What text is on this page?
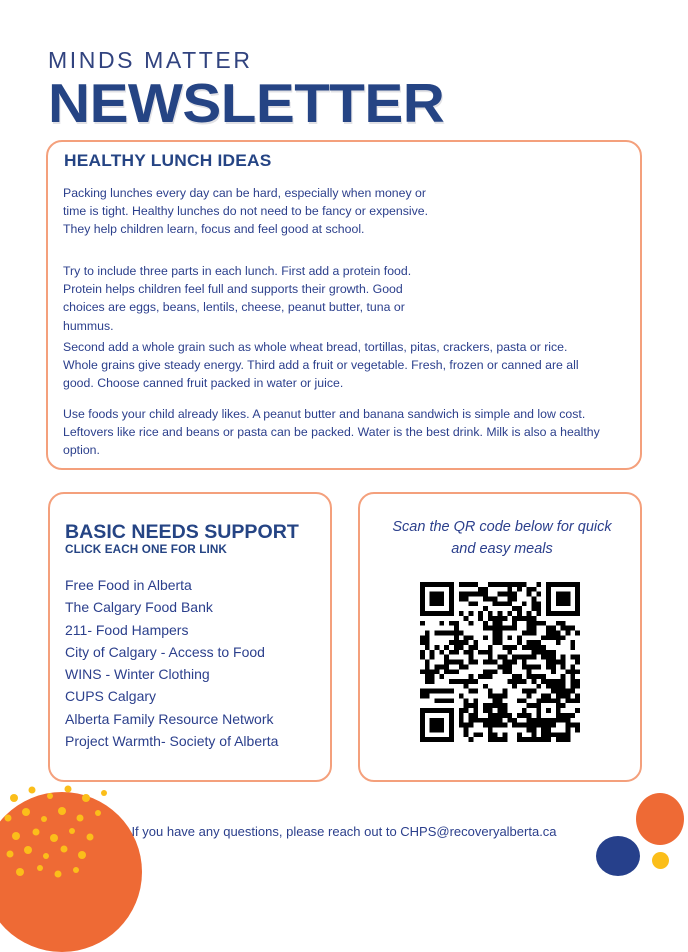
MINDS MATTER
NEWSLETTER
HEALTHY LUNCH IDEAS
Packing lunches every day can be hard, especially when money or time is tight. Healthy lunches do not need to be fancy or expensive. They help children learn, focus and feel good at school.
Try to include three parts in each lunch. First add a protein food. Protein helps children feel full and supports their growth. Good choices are eggs, beans, lentils, cheese, peanut butter, tuna or hummus.
Second add a whole grain such as whole wheat bread, tortillas, pitas, crackers, pasta or rice. Whole grains give steady energy. Third add a fruit or vegetable. Fresh, frozen or canned are all good. Choose canned fruit packed in water or juice.
Use foods your child already likes. A peanut butter and banana sandwich is simple and low cost. Leftovers like rice and beans or pasta can be packed. Water is the best drink. Milk is also a healthy option.
BASIC NEEDS SUPPORT
CLICK EACH ONE FOR LINK
Free Food in Alberta
The Calgary Food Bank
211- Food Hampers
City of Calgary - Access to Food
WINS - Winter Clothing
CUPS Calgary
Alberta Family Resource Network
Project Warmth- Society of Alberta
Scan the QR code below for quick and easy meals
If you have any questions, please reach out to CHPS@recoveryalberta.ca
